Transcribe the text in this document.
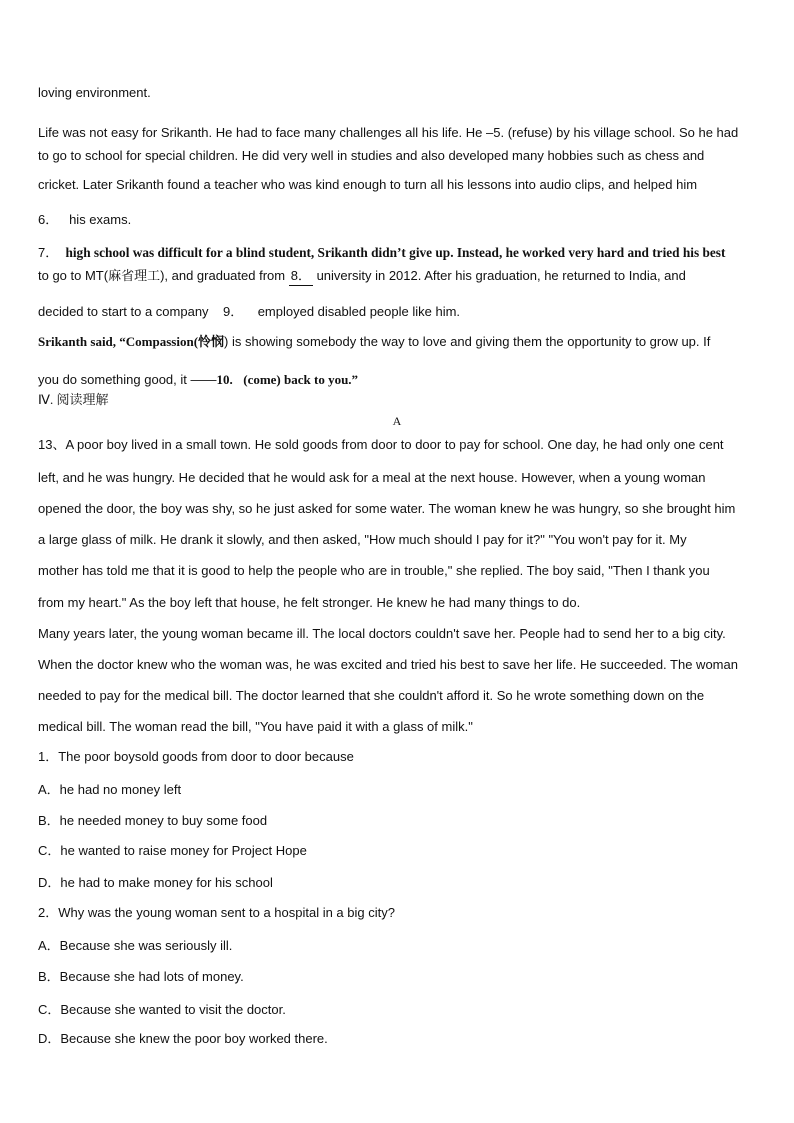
loving environment.
Life was not easy for Srikanth. He had to face many challenges all his life. He –5. (refuse) by his village school. So he had
to go to school for special children. He did very well in studies and also developed many hobbies such as chess and
cricket. Later Srikanth found a teacher who was kind enough to turn all his lessons into audio clips, and helped him
6． his exams.
7． high school was difficult for a blind student, Srikanth didn’t give up. Instead, he worked very hard and tried his best
to go to MT(麻省理工), and graduated from 8． university in 2012. After his graduation, he returned to India, and
decided to start to a company 9． employed disabled people like him.
Srikanth said, “Compassion(怜悯) is showing somebody the way to love and giving them the opportunity to grow up. If
you do something good, it ——10.   (come) back to you.”
Ⅳ. 阅读理解
A
13、A poor boy lived in a small town. He sold goods from door to door to pay for school. One day, he had only one cent
left, and he was hungry. He decided that he would ask for a meal at the next house. However, when a young woman
opened the door, the boy was shy, so he just asked for some water. The woman knew he was hungry, so she brought him
a large glass of milk. He drank it slowly, and then asked, "How much should I pay for it?" "You won't pay for it. My
mother has told me that it is good to help the people who are in trouble," she replied. The boy said, "Then I thank you
from my heart." As the boy left that house, he felt stronger. He knew he had many things to do.
Many years later, the young woman became ill. The local doctors couldn't save her. People had to send her to a big city.
When the doctor knew who the woman was, he was excited and tried his best to save her life. He succeeded. The woman
needed to pay for the medical bill. The doctor learned that she couldn't afford it. So he wrote something down on the
medical bill. The woman read the bill, "You have paid it with a glass of milk."
1．The poor boysold goods from door to door because
A．he had no money left
B．he needed money to buy some food
C．he wanted to raise money for Project Hope
D．he had to make money for his school
2．Why was the young woman sent to a hospital in a big city?
A．Because she was seriously ill.
B．Because she had lots of money.
C．Because she wanted to visit the doctor.
D．Because she knew the poor boy worked there.
